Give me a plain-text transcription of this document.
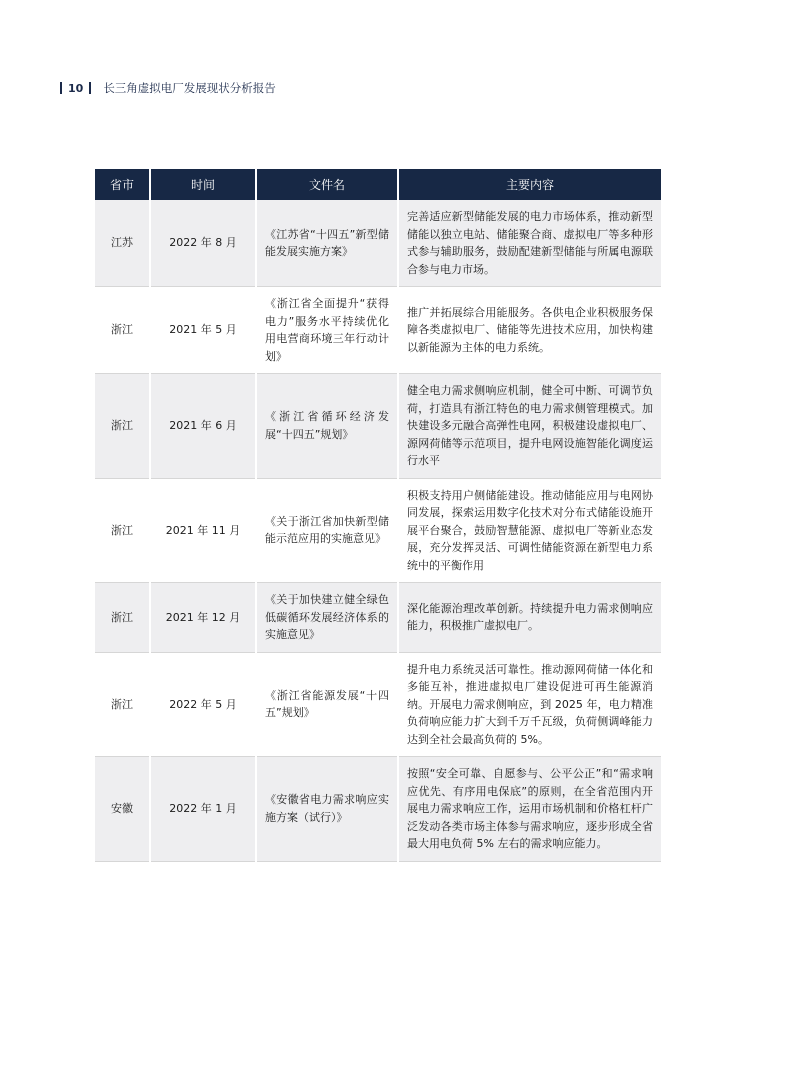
10 长三角虚拟电厂发展现状分析报告
省市	时间	文件名	主要内容
江苏	2022 年 8 月	《江苏省“十四五”新型储能发展实施方案》	完善适应新型储能发展的电力市场体系，推动新型储能以独立电站、储能聚合商、虚拟电厂等多种形式参与辅助服务，鼓励配建新型储能与所属电源联合参与电力市场。
浙江	2021 年 5 月	《浙江省全面提升“获得电力”服务水平持续优化用电营商环境三年行动计划》	推广并拓展综合用能服务。各供电企业积极服务保障各类虚拟电厂、储能等先进技术应用，加快构建以新能源为主体的电力系统。
浙江	2021 年 6 月	《浙江省循环经济发展“十四五”规划》	健全电力需求侧响应机制，健全可中断、可调节负荷，打造具有浙江特色的电力需求侧管理模式。加快建设多元融合高弹性电网，积极建设虚拟电厂、源网荷储等示范项目，提升电网设施智能化调度运行水平
浙江	2021 年 11 月	《关于浙江省加快新型储能示范应用的实施意见》	积极支持用户侧储能建设。推动储能应用与电网协同发展，探索运用数字化技术对分布式储能设施开展平台聚合，鼓励智慧能源、虚拟电厂等新业态发展，充分发挥灵活、可调性储能资源在新型电力系统中的平衡作用
浙江	2021 年 12 月	《关于加快建立健全绿色低碳循环发展经济体系的实施意见》	深化能源治理改革创新。持续提升电力需求侧响应能力，积极推广虚拟电厂。
浙江	2022 年 5 月	《浙江省能源发展“十四五”规划》	提升电力系统灵活可靠性。推动源网荷储一体化和多能互补，推进虚拟电厂建设促进可再生能源消纳。开展电力需求侧响应，到 2025 年，电力精准负荷响应能力扩大到千万千瓦级，负荷侧调峰能力达到全社会最高负荷的 5%。
安徽	2022 年 1 月	《安徽省电力需求响应实施方案（试行）》	按照“安全可靠、自愿参与、公平公正”和“需求响应优先、有序用电保底”的原则，在全省范围内开展电力需求响应工作，运用市场机制和价格杠杆广泛发动各类市场主体参与需求响应，逐步形成全省最大用电负荷 5% 左右的需求响应能力。
